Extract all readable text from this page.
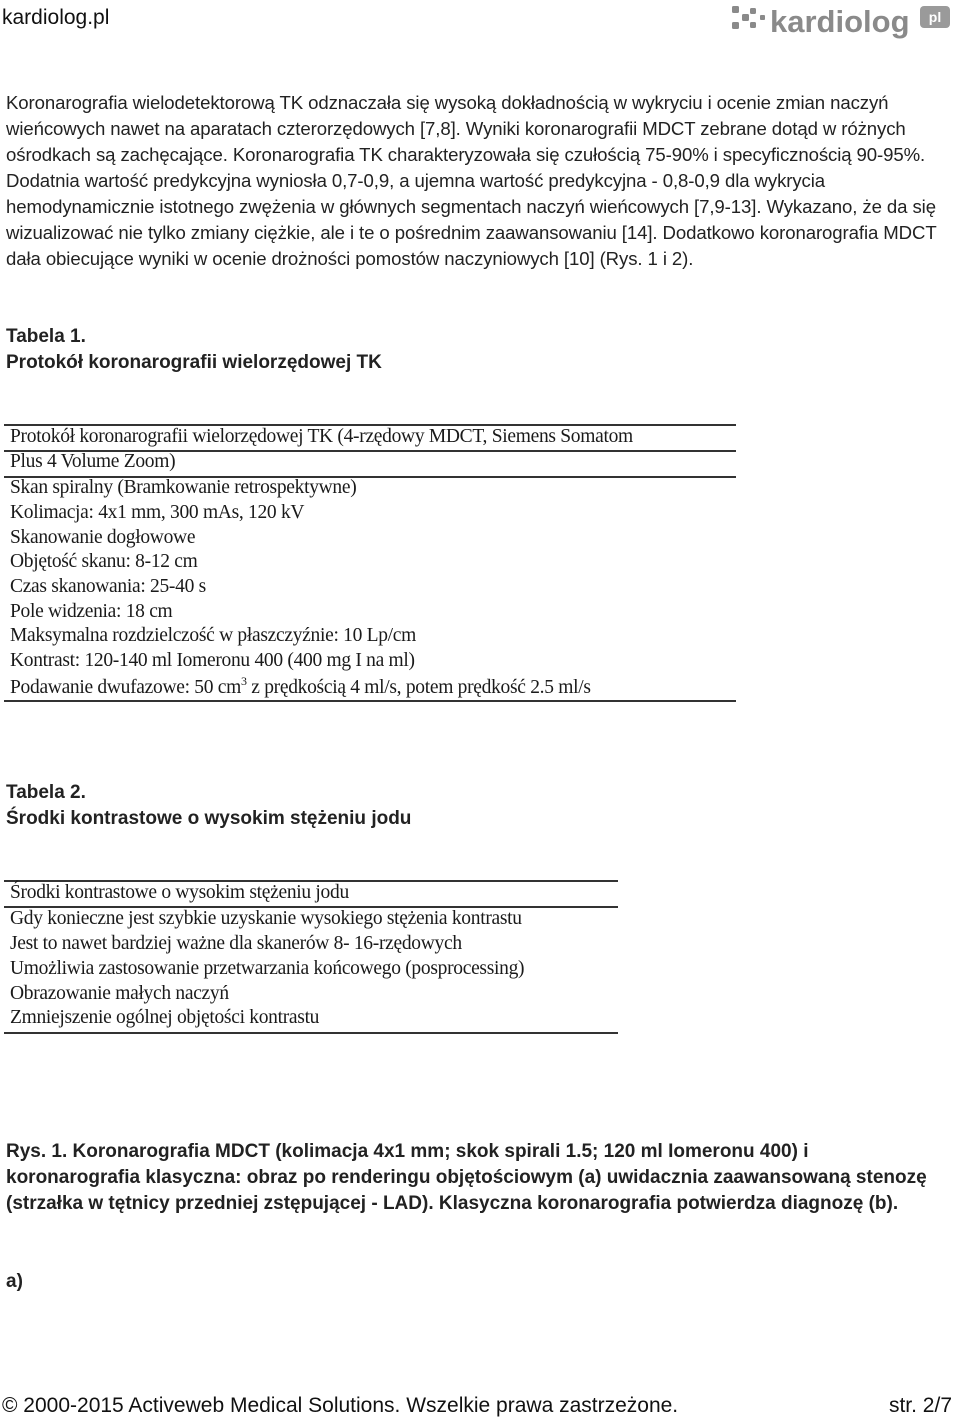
kardiolog.pl	kardiolog pl
Koronarografia wielodetektorową TK odznaczała się wysoką dokładnością w wykryciu i ocenie zmian naczyń wieńcowych nawet na aparatach czterorzędowych [7,8]. Wyniki koronarografii MDCT zebrane dotąd w różnych ośrodkach są zachęcające. Koronarografia TK charakteryzowała się czułością 75-90% i specyficznością 90-95%. Dodatnia wartość predykcyjna wyniosła 0,7-0,9, a ujemna wartość predykcyjna - 0,8-0,9 dla wykrycia hemodynamicznie istotnego zwężenia w głównych segmentach naczyń wieńcowych [7,9-13]. Wykazano, że da się wizualizować nie tylko zmiany ciężkie, ale i te o pośrednim zaawansowaniu [14]. Dodatkowo koronarografia MDCT dała obiecujące wyniki w ocenie drożności pomostów naczyniowych [10] (Rys. 1 i 2).
Tabela 1.
Protokół koronarografii wielorzędowej TK
Protokół koronarografii wielorzędowej TK (4-rzędowy MDCT, Siemens Somatom
Plus 4 Volume Zoom)
Skan spiralny (Bramkowanie retrospektywne)
Kolimacja: 4x1 mm, 300 mAs, 120 kV
Skanowanie dogłowowe
Objętość skanu: 8-12 cm
Czas skanowania: 25-40 s
Pole widzenia: 18 cm
Maksymalna rozdzielczość w płaszczyźnie: 10 Lp/cm
Kontrast: 120-140 ml Iomeronu 400 (400 mg I na ml)
Podawanie dwufazowe: 50 $cm^3$ z prędkością 4 ml/s, potem prędkość 2.5 ml/s
Tabela 2.
Środki kontrastowe o wysokim stężeniu jodu
Środki kontrastowe o wysokim stężeniu jodu
Gdy konieczne jest szybkie uzyskanie wysokiego stężenia kontrastu
Jest to nawet bardziej ważne dla skanerów 8- 16-rzędowych
Umożliwia zastosowanie przetwarzania końcowego (posprocessing)
Obrazowanie małych naczyń
Zmniejszenie ogólnej objętości kontrastu
Rys. 1. Koronarografia MDCT (kolimacja 4x1 mm; skok spirali 1.5; 120 ml Iomeronu 400) i koronarografia klasyczna: obraz po renderingu objętościowym (a) uwidacznia zaawansowaną stenozę (strzałka w tętnicy przedniej zstępującej - LAD). Klasyczna koronarografia potwierdza diagnozę (b).
a)
© 2000-2015 Activeweb Medical Solutions. Wszelkie prawa zastrzeżone.	str. 2/7
